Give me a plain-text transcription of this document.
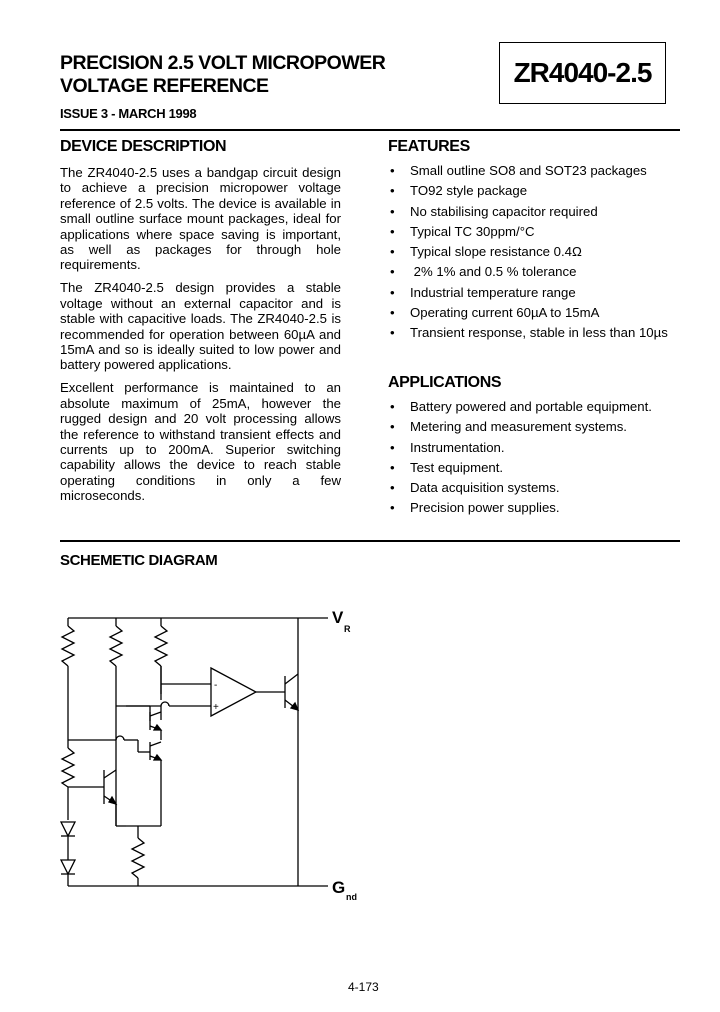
PRECISION 2.5 VOLT MICROPOWER
VOLTAGE REFERENCE
ISSUE 3 - MARCH 1998
ZR4040-2.5
DEVICE DESCRIPTION

The ZR4040-2.5 uses a bandgap circuit design to achieve a precision micropower voltage reference of 2.5 volts. The device is available in small outline surface mount packages, ideal for applications where space saving is important, as well as packages for through hole requirements.

The ZR4040-2.5 design provides a stable voltage without an external capacitor and is stable with capacitive loads. The ZR4040-2.5 is recommended for operation between 60µA and 15mA and so is ideally suited to low power and battery powered applications.

Excellent performance is maintained to an absolute maximum of 25mA, however the rugged design and 20 volt processing allows the reference to withstand transient effects and currents up to 200mA. Superior switching capability allows the device to reach stable operating conditions in only a few microseconds.

FEATURES
• Small outline SO8 and SOT23 packages
• TO92 style package
• No stabilising capacitor required
• Typical TC 30ppm/°C
• Typical slope resistance 0.4Ω
• 2% 1% and 0.5 % tolerance
• Industrial temperature range
• Operating current 60µA to 15mA
• Transient response, stable in less than 10µs
APPLICATIONS
• Battery powered and portable equipment.
• Metering and measurement systems.
• Instrumentation.
• Test equipment.
• Data acquisition systems.
• Precision power supplies.
SCHEMETIC DIAGRAM
-
+
V
R
G nd
4-173
